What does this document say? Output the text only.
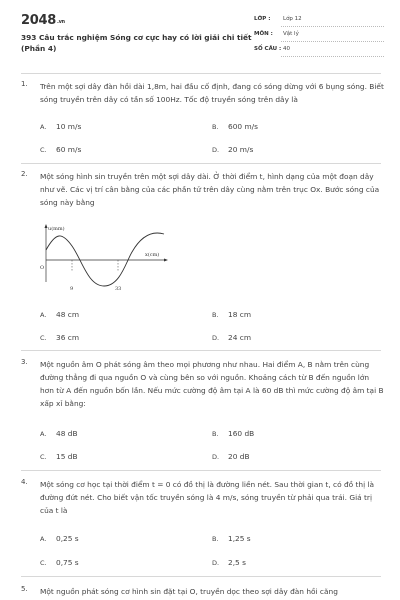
2048.vn
393 Câu trắc nghiệm Sóng cơ cực hay có lời giải chi tiết (Phần 4)
LỚP : Lớp 12
MÔN : Vật lý
SỐ CÂU : 40
1. Trên một sợi dây đàn hồi dài 1,8m, hai đầu cố định, đang có sóng dừng với 6 bụng sóng. Biết sóng truyền trên dây có tần số 100Hz. Tốc độ truyền sóng trên dây là
A. 10 m/s	B. 600 m/s
C. 60 m/s	D. 20 m/s
2. Một sóng hình sin truyền trên một sợi dây dài. Ở thời điểm t, hình dạng của một đoạn dây như vẽ. Các vị trí cân bằng của các phần tử trên dây cùng nằm trên trục Ox. Bước sóng của sóng này bằng
u(mm)
x(cm)
O
9	33
A. 48 cm	B. 18 cm
C. 36 cm	D. 24 cm
3. Một nguồn âm O phát sóng âm theo mọi phương như nhau. Hai điểm A, B nằm trên cùng đường thẳng đi qua nguồn O và cùng bên so với nguồn. Khoảng cách từ B đến nguồn lớn hơn từ A đến nguồn bốn lần. Nếu mức cường độ âm tại A là 60 dB thì mức cường độ âm tại B xấp xỉ bằng:
A. 48 dB	B. 160 dB
C. 15 dB	D. 20 dB
4. Một sóng cơ học tại thời điểm t = 0 có đồ thị là đường liền nét. Sau thời gian t, có đồ thị là đường đứt nét. Cho biết vận tốc truyền sóng là 4 m/s, sóng truyền từ phải qua trái. Giá trị của t là
A. 0,25 s	B. 1,25 s
C. 0,75 s	D. 2,5 s
5. Một nguồn phát sóng cơ hình sin đặt tại O, truyền dọc theo sợi dây đàn hồi căng
